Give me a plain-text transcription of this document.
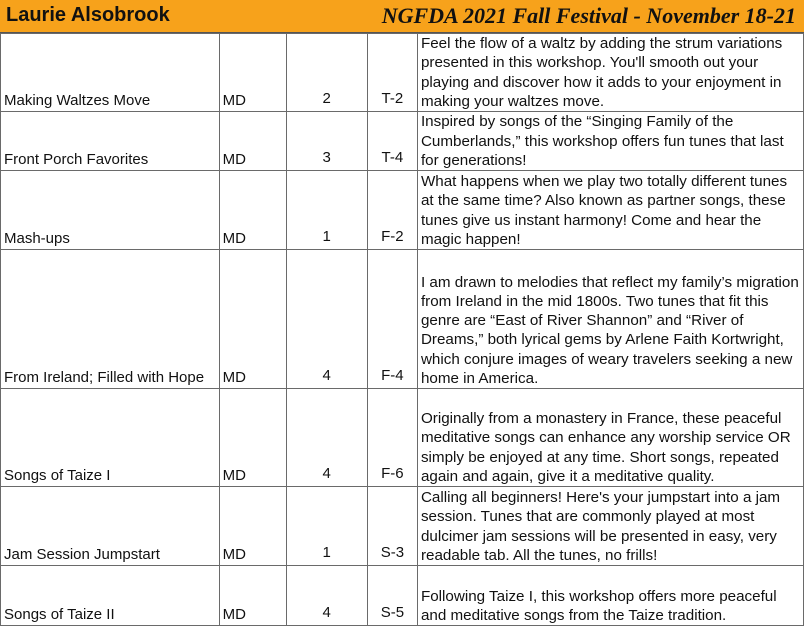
Laurie Alsobrook	NGFDA 2021 Fall Festival - November 18-21
Making Waltzes Move	MD	2	T-2	Feel the flow of a waltz by adding the strum variations presented in this workshop. You'll smooth out your playing and discover how it adds to your enjoyment in making your waltzes move.

Front Porch Favorites	MD	3	T-4	Inspired by songs of the “Singing Family of the Cumberlands,” this workshop offers fun tunes that last for generations!

Mash-ups	MD	1	F-2	What happens when we play two totally different tunes at the same time? Also known as partner songs, these tunes give us instant harmony! Come and hear the magic happen!

From Ireland; Filled with Hope	MD	4	F-4	I am drawn to melodies that reflect my family’s migration from Ireland in the mid 1800s. Two tunes that fit this genre are “East of River Shannon” and “River of Dreams,” both lyrical gems by Arlene Faith Kortwright, which conjure images of weary travelers seeking a new home in America.

Songs of Taize I	MD	4	F-6	Originally from a monastery in France, these peaceful meditative songs can enhance any worship service OR simply be enjoyed at any time. Short songs, repeated again and again, give it a meditative quality.

Jam Session Jumpstart	MD	1	S-3	Calling all beginners! Here's your jumpstart into a jam session. Tunes that are commonly played at most dulcimer jam sessions will be presented in easy, very readable tab. All the tunes, no frills!

Songs of Taize II	MD	4	S-5	Following Taize I, this workshop offers more peaceful and meditative songs from the Taize tradition.
